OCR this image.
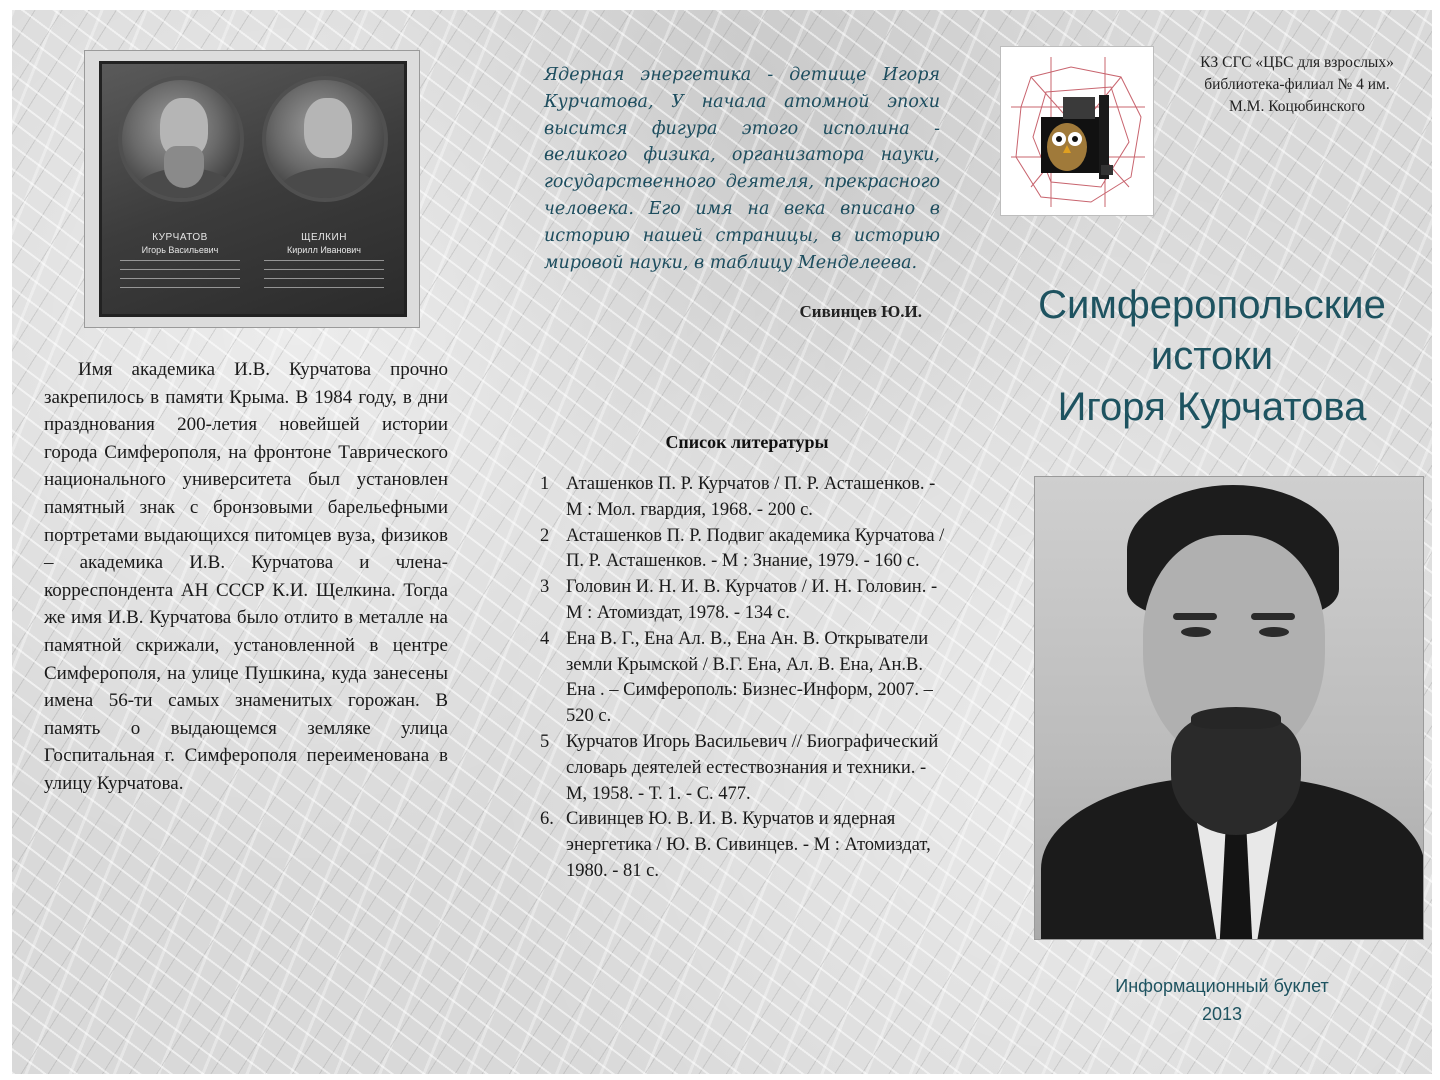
КУРЧАТОВ
Игорь Васильевич
ЩЕЛКИН
Кирилл Иванович

Имя академика И.В. Курчатова прочно закрепилось в памяти Крыма. В 1984 году, в дни празднования 200-летия новейшей истории города Симферополя, на фронтоне Таврического национального университета был установлен памятный знак с бронзовыми барельефными портретами выдающихся питомцев вуза, физиков – академика И.В. Курчатова и члена-корреспондента АН СССР К.И. Щелкина. Тогда же имя И.В. Курчатова было отлито в металле на памятной скрижали, установленной в центре Симферополя, на улице Пушкина, куда занесены имена 56-ти самых знаменитых горожан. В память о выдающемся земляке улица Госпитальная г. Симферополя переименована в улицу Курчатова.

Ядерная энергетика - детище Игоря Курчатова, У начала атомной эпохи высится фигура этого исполина - великого физика, организатора науки, государственного деятеля, прекрасного человека. Его имя на века вписано в историю нашей страницы, в историю мировой науки, в таблицу Менделеева.

Сивинцев Ю.И.
Список литературы
1 Аташенков П. Р. Курчатов / П. Р. Асташенков. - М : Мол. гвардия, 1968. - 200 с.
2 Асташенков П. Р. Подвиг академика Курчатова / П. Р. Асташенков. - М : Знание, 1979. - 160 с.
3 Головин И. Н. И. В. Курчатов / И. Н. Головин. - М : Атомиздат, 1978. - 134 с.
4 Ена В. Г., Ена Ал. В., Ена Ан. В. Открыватели земли Крымской / В.Г. Ена, Ал. В. Ена, Ан.В. Ена . – Симферополь: Бизнес-Информ, 2007. – 520 с.
5 Курчатов Игорь Васильевич // Биографический словарь деятелей естествознания и техники. - М, 1958. - Т. 1. - С. 477.
6. Сивинцев Ю. В. И. В. Курчатов и ядерная энергетика / Ю. В. Сивинцев. - М : Атомиздат, 1980. - 81 с.
КЗ СГС «ЦБС для взрослых»
библиотека-филиал № 4 им.
М.М. Коцюбинского
Симферопольские
истоки
Игоря Курчатова
Информационный буклет
2013
